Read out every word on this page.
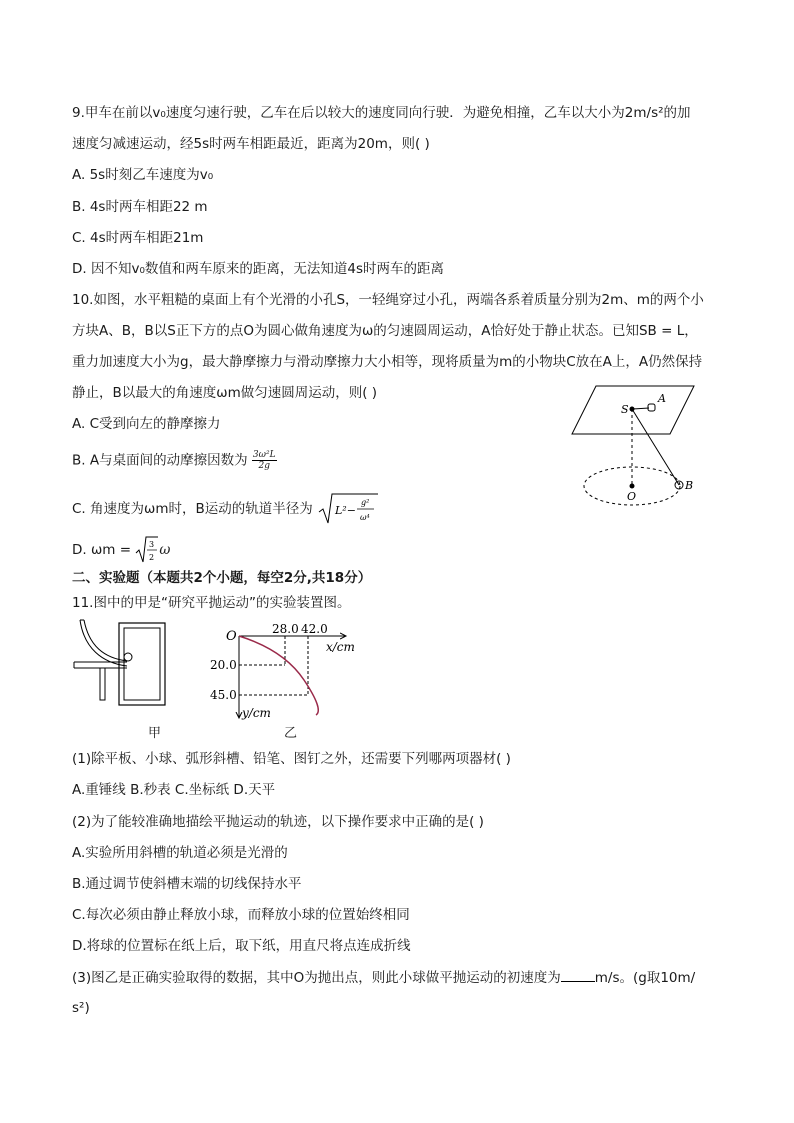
9.甲车在前以v₀速度匀速行驶，乙车在后以较大的速度同向行驶．为避免相撞，乙车以大小为2m/s²的加
速度匀减速运动，经5s时两车相距最近，距离为20m，则( )
A. 5s时刻乙车速度为v₀
B. 4s时两车相距22 m
C. 4s时两车相距21m
D. 因不知v₀数值和两车原来的距离，无法知道4s时两车的距离
10.如图，水平粗糙的桌面上有个光滑的小孔S，一轻绳穿过小孔，两端各系着质量分别为2m、m的两个小
方块A、B，B以S正下方的点O为圆心做角速度为ω的匀速圆周运动，A恰好处于静止状态。已知SB = L，
重力加速度大小为g，最大静摩擦力与滑动摩擦力大小相等，现将质量为m的小物块C放在A上，A仍然保持
静止，B以最大的角速度ωm做匀速圆周运动，则( )
A. C受到向左的静摩擦力
B. A与桌面间的动摩擦因数为 $\frac{\text{3ω²L}}{2g}$
C. 角速度为ωm时，B运动的轨道半径为 L²−
g²
ω⁴
D. ωm = 3
2 ω
S
A
O
B
二、实验题（本题共2个小题，每空2分,共18分）
11.图中的甲是“研究平抛运动”的实验装置图。
甲
O	28.0 42.0
x/cm
20.0
45.0
y/cm
乙
(1)除平板、小球、弧形斜槽、铅笔、图钉之外，还需要下列哪两项器材( )
A.重锤线 B.秒表 C.坐标纸 D.天平
(2)为了能较准确地描绘平抛运动的轨迹，以下操作要求中正确的是( )
A.实验所用斜槽的轨道必须是光滑的
B.通过调节使斜槽末端的切线保持水平
C.每次必须由静止释放小球，而释放小球的位置始终相同
D.将球的位置标在纸上后，取下纸，用直尺将点连成折线
(3)图乙是正确实验取得的数据，其中O为抛出点，则此小球做平抛运动的初速度为	m/s。(g取10m/
s²)
